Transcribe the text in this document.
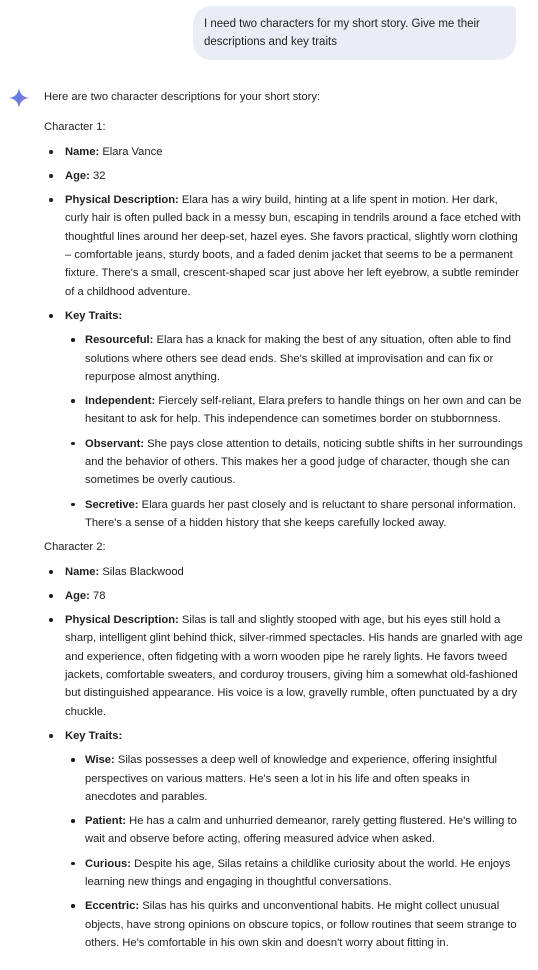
I need two characters for my short story. Give me their descriptions and key traits

Here are two character descriptions for your short story:

Character 1:

Name: Elara Vance
Age: 32
Physical Description: Elara has a wiry build, hinting at a life spent in motion. Her dark, curly hair is often pulled back in a messy bun, escaping in tendrils around a face etched with thoughtful lines around her deep-set, hazel eyes. She favors practical, slightly worn clothing – comfortable jeans, sturdy boots, and a faded denim jacket that seems to be a permanent fixture. There's a small, crescent-shaped scar just above her left eyebrow, a subtle reminder of a childhood adventure.
Key Traits:
Resourceful: Elara has a knack for making the best of any situation, often able to find solutions where others see dead ends. She's skilled at improvisation and can fix or repurpose almost anything.
Independent: Fiercely self-reliant, Elara prefers to handle things on her own and can be hesitant to ask for help. This independence can sometimes border on stubbornness.
Observant: She pays close attention to details, noticing subtle shifts in her surroundings and the behavior of others. This makes her a good judge of character, though she can sometimes be overly cautious.
Secretive: Elara guards her past closely and is reluctant to share personal information. There's a sense of a hidden history that she keeps carefully locked away.

Character 2:

Name: Silas Blackwood
Age: 78
Physical Description: Silas is tall and slightly stooped with age, but his eyes still hold a sharp, intelligent glint behind thick, silver-rimmed spectacles. His hands are gnarled with age and experience, often fidgeting with a worn wooden pipe he rarely lights. He favors tweed jackets, comfortable sweaters, and corduroy trousers, giving him a somewhat old-fashioned but distinguished appearance. His voice is a low, gravelly rumble, often punctuated by a dry chuckle.
Key Traits:
Wise: Silas possesses a deep well of knowledge and experience, offering insightful perspectives on various matters. He's seen a lot in his life and often speaks in anecdotes and parables.
Patient: He has a calm and unhurried demeanor, rarely getting flustered. He's willing to wait and observe before acting, offering measured advice when asked.
Curious: Despite his age, Silas retains a childlike curiosity about the world. He enjoys learning new things and engaging in thoughtful conversations.
Eccentric: Silas has his quirks and unconventional habits. He might collect unusual objects, have strong opinions on obscure topics, or follow routines that seem strange to others. He's comfortable in his own skin and doesn't worry about fitting in.
